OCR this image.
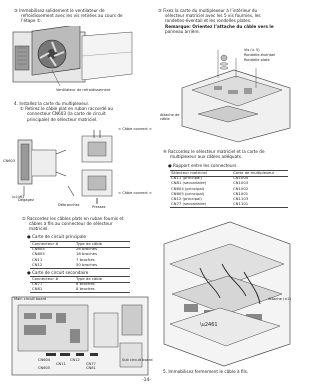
③ Immobilisez solidement le ventilateur de
refroidissement avec les vis retirées au cours de
l’étape ①.
Ventilateur de refroidissement
4. Installez la carte du multiplexeur.
① Retirez le câble plat en ruban raccordé au
connecteur CN603 (la carte de circuit
principale) de sélecteur matriciel.
\u2461
CN603
Dégagez
Débranchez
< Câble connect >
< Câble connect >
Pressez
② Raccordez les câbles plats en ruban fournis et
câbles à fils au connecteur de sélecteur
matriciel.
● Carte de circuit principale
Connecteur #	Type de câble
CN604	26 broches
CN605	16 broches
CN11	7 broches
CN12	50 broches
● Carte de circuit secondaire
Connecteur #	Type de câble
CN77	6 broches
CN81	8 broches
Main circuit board
CN604
CN11
CN605
CN12
CN77
CN81
Sub circuit board
③ Fixez la carte du multiplexeur à l’intérieur du
sélecteur matriciel avec les 5 vis fournies, les
rondelles-éventail et les rondelles plates.
Remarque: Orientez l’attache du câble vers le
panneau arrière.
Vis (× 5)
Rondelle-éventail
Rondelle plate
Attache de
câble
④ Raccordez le sélecteur matriciel et la carte de
multiplexeur aux câbles adéquats.
● Rapport entre les connecteurs
Sélecteur matriciel	Carte de multiplexeur
CN11 (principal)	CN1004
CN81 (secondaire)	CN1003
CN604 (principal)	CN1002
CN605 (principal)	CN1001
CN12 (principal)	CN1103
CN77 (secondaire)	CN1101
\u2461
Attache (×2)
5. Immobilisez fermement le câble à fils.
-14-
